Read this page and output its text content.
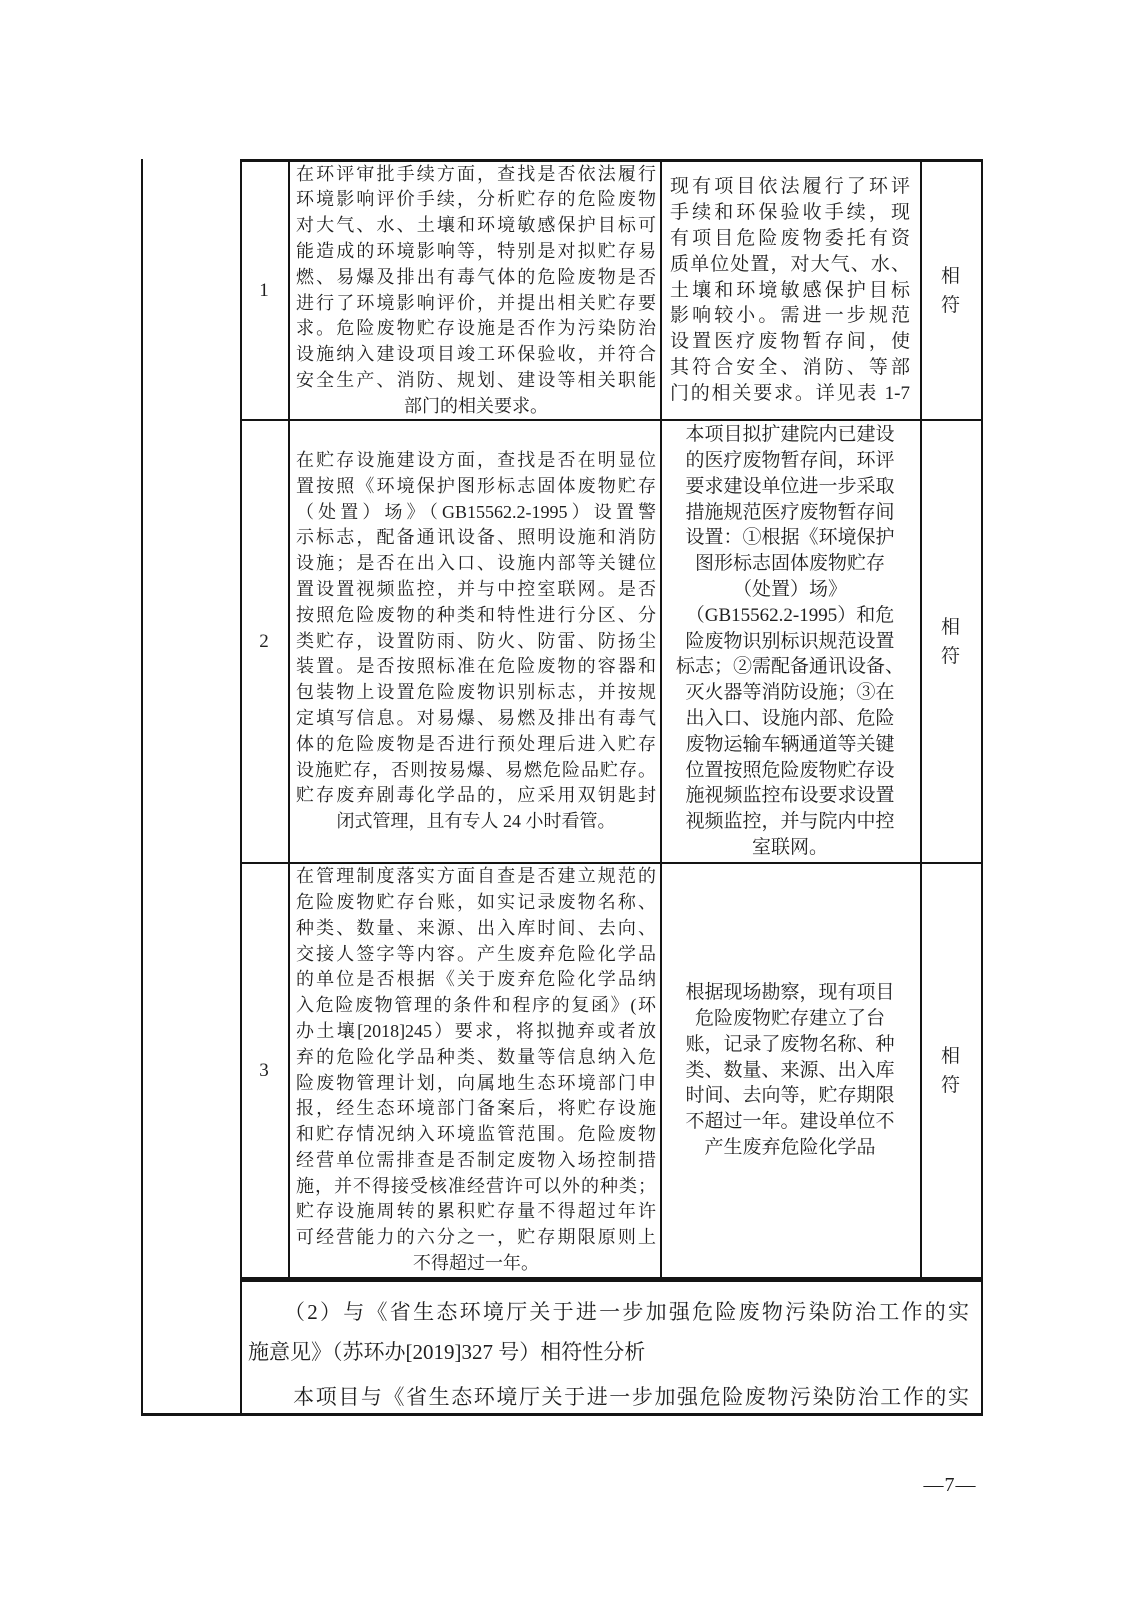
1
在环评审批手续方面，查找是否依法履行
环境影响评价手续，分析贮存的危险废物
对大气、水、土壤和环境敏感保护目标可
能造成的环境影响等，特别是对拟贮存易
燃、易爆及排出有毒气体的危险废物是否
进行了环境影响评价，并提出相关贮存要
求。危险废物贮存设施是否作为污染防治
设施纳入建设项目竣工环保验收，并符合
安全生产、消防、规划、建设等相关职能
部门的相关要求。
现有项目依法履行了环评
手续和环保验收手续，现
有项目危险废物委托有资
质单位处置，对大气、水、
土壤和环境敏感保护目标
影响较小。需进一步规范
设置医疗废物暂存间，使
其符合安全、消防、等部
门的相关要求。详见表 1-7
相符
2
在贮存设施建设方面，查找是否在明显位
置按照《环境保护图形标志固体废物贮存
（处置）场》（GB15562.2-1995）设置警
示标志，配备通讯设备、照明设施和消防
设施；是否在出入口、设施内部等关键位
置设置视频监控，并与中控室联网。是否
按照危险废物的种类和特性进行分区、分
类贮存，设置防雨、防火、防雷、防扬尘
装置。是否按照标准在危险废物的容器和
包装物上设置危险废物识别标志，并按规
定填写信息。对易爆、易燃及排出有毒气
体的危险废物是否进行预处理后进入贮存
设施贮存，否则按易爆、易燃危险品贮存。
贮存废弃剧毒化学品的，应采用双钥匙封
闭式管理，且有专人 24 小时看管。
本项目拟扩建院内已建设
的医疗废物暂存间，环评
要求建设单位进一步采取
措施规范医疗废物暂存间
设置：①根据《环境保护
图形标志固体废物贮存
（处置）场》
（GB15562.2-1995）和危
险废物识别标识规范设置
标志；②需配备通讯设备、
灭火器等消防设施；③在
出入口、设施内部、危险
废物运输车辆通道等关键
位置按照危险废物贮存设
施视频监控布设要求设置
视频监控，并与院内中控
室联网。
相符
3
在管理制度落实方面自查是否建立规范的
危险废物贮存台账，如实记录废物名称、
种类、数量、来源、出入库时间、去向、
交接人签字等内容。产生废弃危险化学品
的单位是否根据《关于废弃危险化学品纳
入危险废物管理的条件和程序的复函》(环
办土壤[2018]245）要求，将拟抛弃或者放
弃的危险化学品种类、数量等信息纳入危
险废物管理计划，向属地生态环境部门申
报，经生态环境部门备案后，将贮存设施
和贮存情况纳入环境监管范围。危险废物
经营单位需排查是否制定废物入场控制措
施，并不得接受核准经营许可以外的种类；
贮存设施周转的累积贮存量不得超过年许
可经营能力的六分之一，贮存期限原则上
不得超过一年。
根据现场勘察，现有项目
危险废物贮存建立了台
账，记录了废物名称、种
类、数量、来源、出入库
时间、去向等，贮存期限
不超过一年。建设单位不
产生废弃危险化学品
相符
　　（2）与《省生态环境厅关于进一步加强危险废物污染防治工作的实
施意见》（苏环办[2019]327 号）相符性分析
　　本项目与《省生态环境厅关于进一步加强危险废物污染防治工作的实
—7—
